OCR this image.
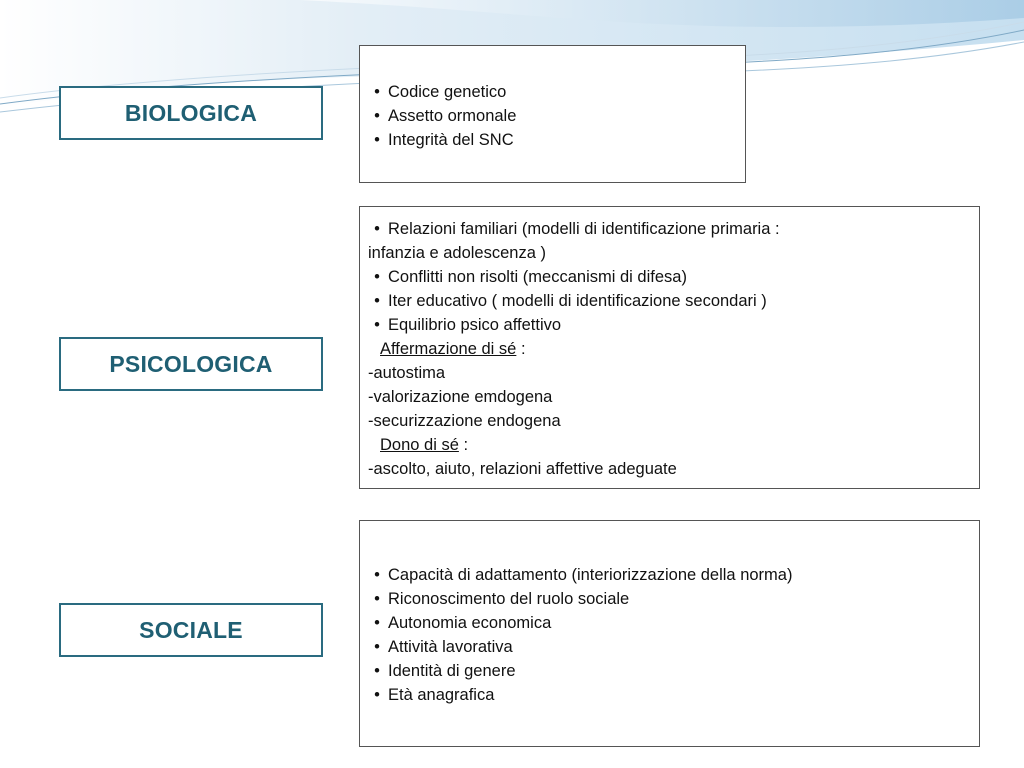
BIOLOGICA
PSICOLOGICA
SOCIALE
• Codice genetico
• Assetto ormonale
• Integrità del SNC
• Relazioni familiari (modelli di identificazione primaria :
infanzia e adolescenza )
• Conflitti non risolti (meccanismi di difesa)
• Iter educativo ( modelli di identificazione secondari )
• Equilibrio psico affettivo
Affermazione di sé :
-autostima
-valorizazione emdogena
-securizzazione endogena
Dono di sé :
-ascolto, aiuto, relazioni affettive adeguate
• Capacità di adattamento (interiorizzazione della norma)
• Riconoscimento del ruolo sociale
• Autonomia economica
• Attività lavorativa
• Identità di genere
• Età anagrafica
